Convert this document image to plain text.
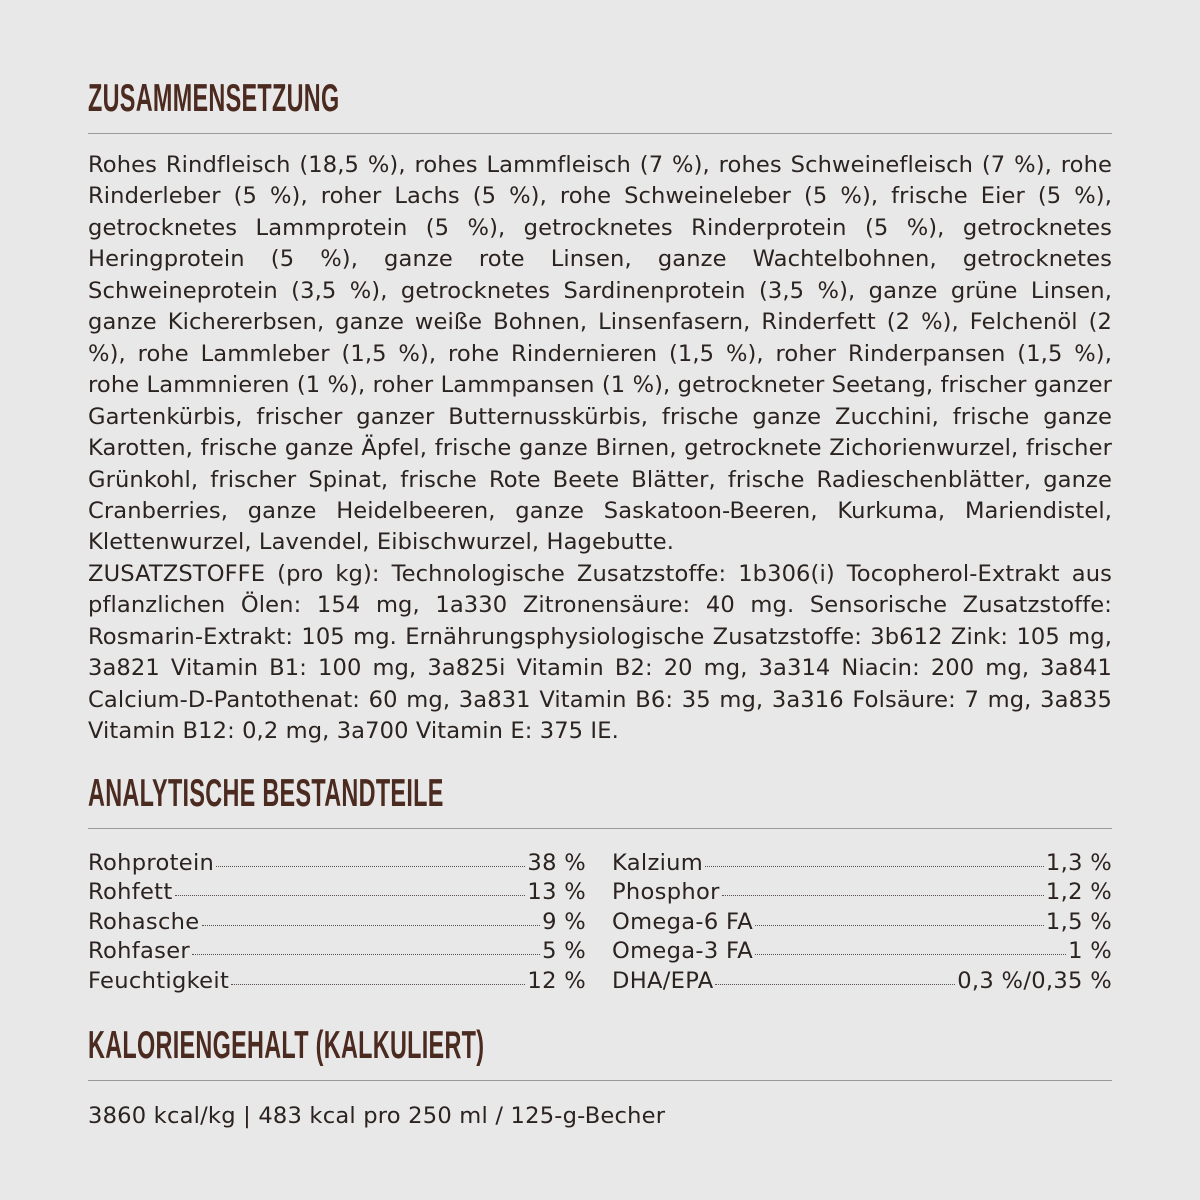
ZUSAMMENSETZUNG

Rohes Rindfleisch (18,5 %), rohes Lammfleisch (7 %), rohes Schweinefleisch (7 %), rohe Rinderleber (5 %), roher Lachs (5 %), rohe Schweineleber (5 %), frische Eier (5 %), getrocknetes Lammprotein (5 %), getrocknetes Rinderprotein (5 %), getrocknetes Heringprotein (5 %), ganze rote Linsen, ganze Wachtelbohnen, getrocknetes Schweineprotein (3,5 %), getrocknetes Sardinenprotein (3,5 %), ganze grüne Linsen, ganze Kichererbsen, ganze weiße Bohnen, Linsenfasern, Rinderfett (2 %), Felchenöl (2 %), rohe Lammleber (1,5 %), rohe Rindernieren (1,5 %), roher Rinderpansen (1,5 %), rohe Lammnieren (1 %), roher Lammpansen (1 %), getrockneter Seetang, frischer ganzer Gartenkürbis, frischer ganzer Butternusskürbis, frische ganze Zucchini, frische ganze Karotten, frische ganze Äpfel, frische ganze Birnen, getrocknete Zichorienwurzel, frischer Grünkohl, frischer Spinat, frische Rote Beete Blätter, frische Radieschenblätter, ganze Cranberries, ganze Heidelbeeren, ganze Saskatoon-Beeren, Kurkuma, Mariendistel, Klettenwurzel, Lavendel, Eibischwurzel, Hagebutte.
ZUSATZSTOFFE (pro kg): Technologische Zusatzstoffe: 1b306(i) Tocopherol-Extrakt aus pflanzlichen Ölen: 154 mg, 1a330 Zitronensäure: 40 mg. Sensorische Zusatzstoffe: Rosmarin-Extrakt: 105 mg. Ernährungsphysiologische Zusatzstoffe: 3b612 Zink: 105 mg, 3a821 Vitamin B1: 100 mg, 3a825i Vitamin B2: 20 mg, 3a314 Niacin: 200 mg, 3a841 Calcium-D-Pantothenat: 60 mg, 3a831 Vitamin B6: 35 mg, 3a316 Folsäure: 7 mg, 3a835 Vitamin B12: 0,2 mg, 3a700 Vitamin E: 375 IE.

ANALYTISCHE BESTANDTEILE
Rohprotein	38 %
Rohfett	13 %
Rohasche	9 %
Rohfaser	5 %
Feuchtigkeit	12 %
Kalzium	1,3 %
Phosphor	1,2 %
Omega-6 FA	1,5 %
Omega-3 FA	1 %
DHA/EPA	0,3 %/0,35 %
KALORIENGEHALT (KALKULIERT)

3860 kcal/kg | 483 kcal pro 250 ml / 125-g-Becher
